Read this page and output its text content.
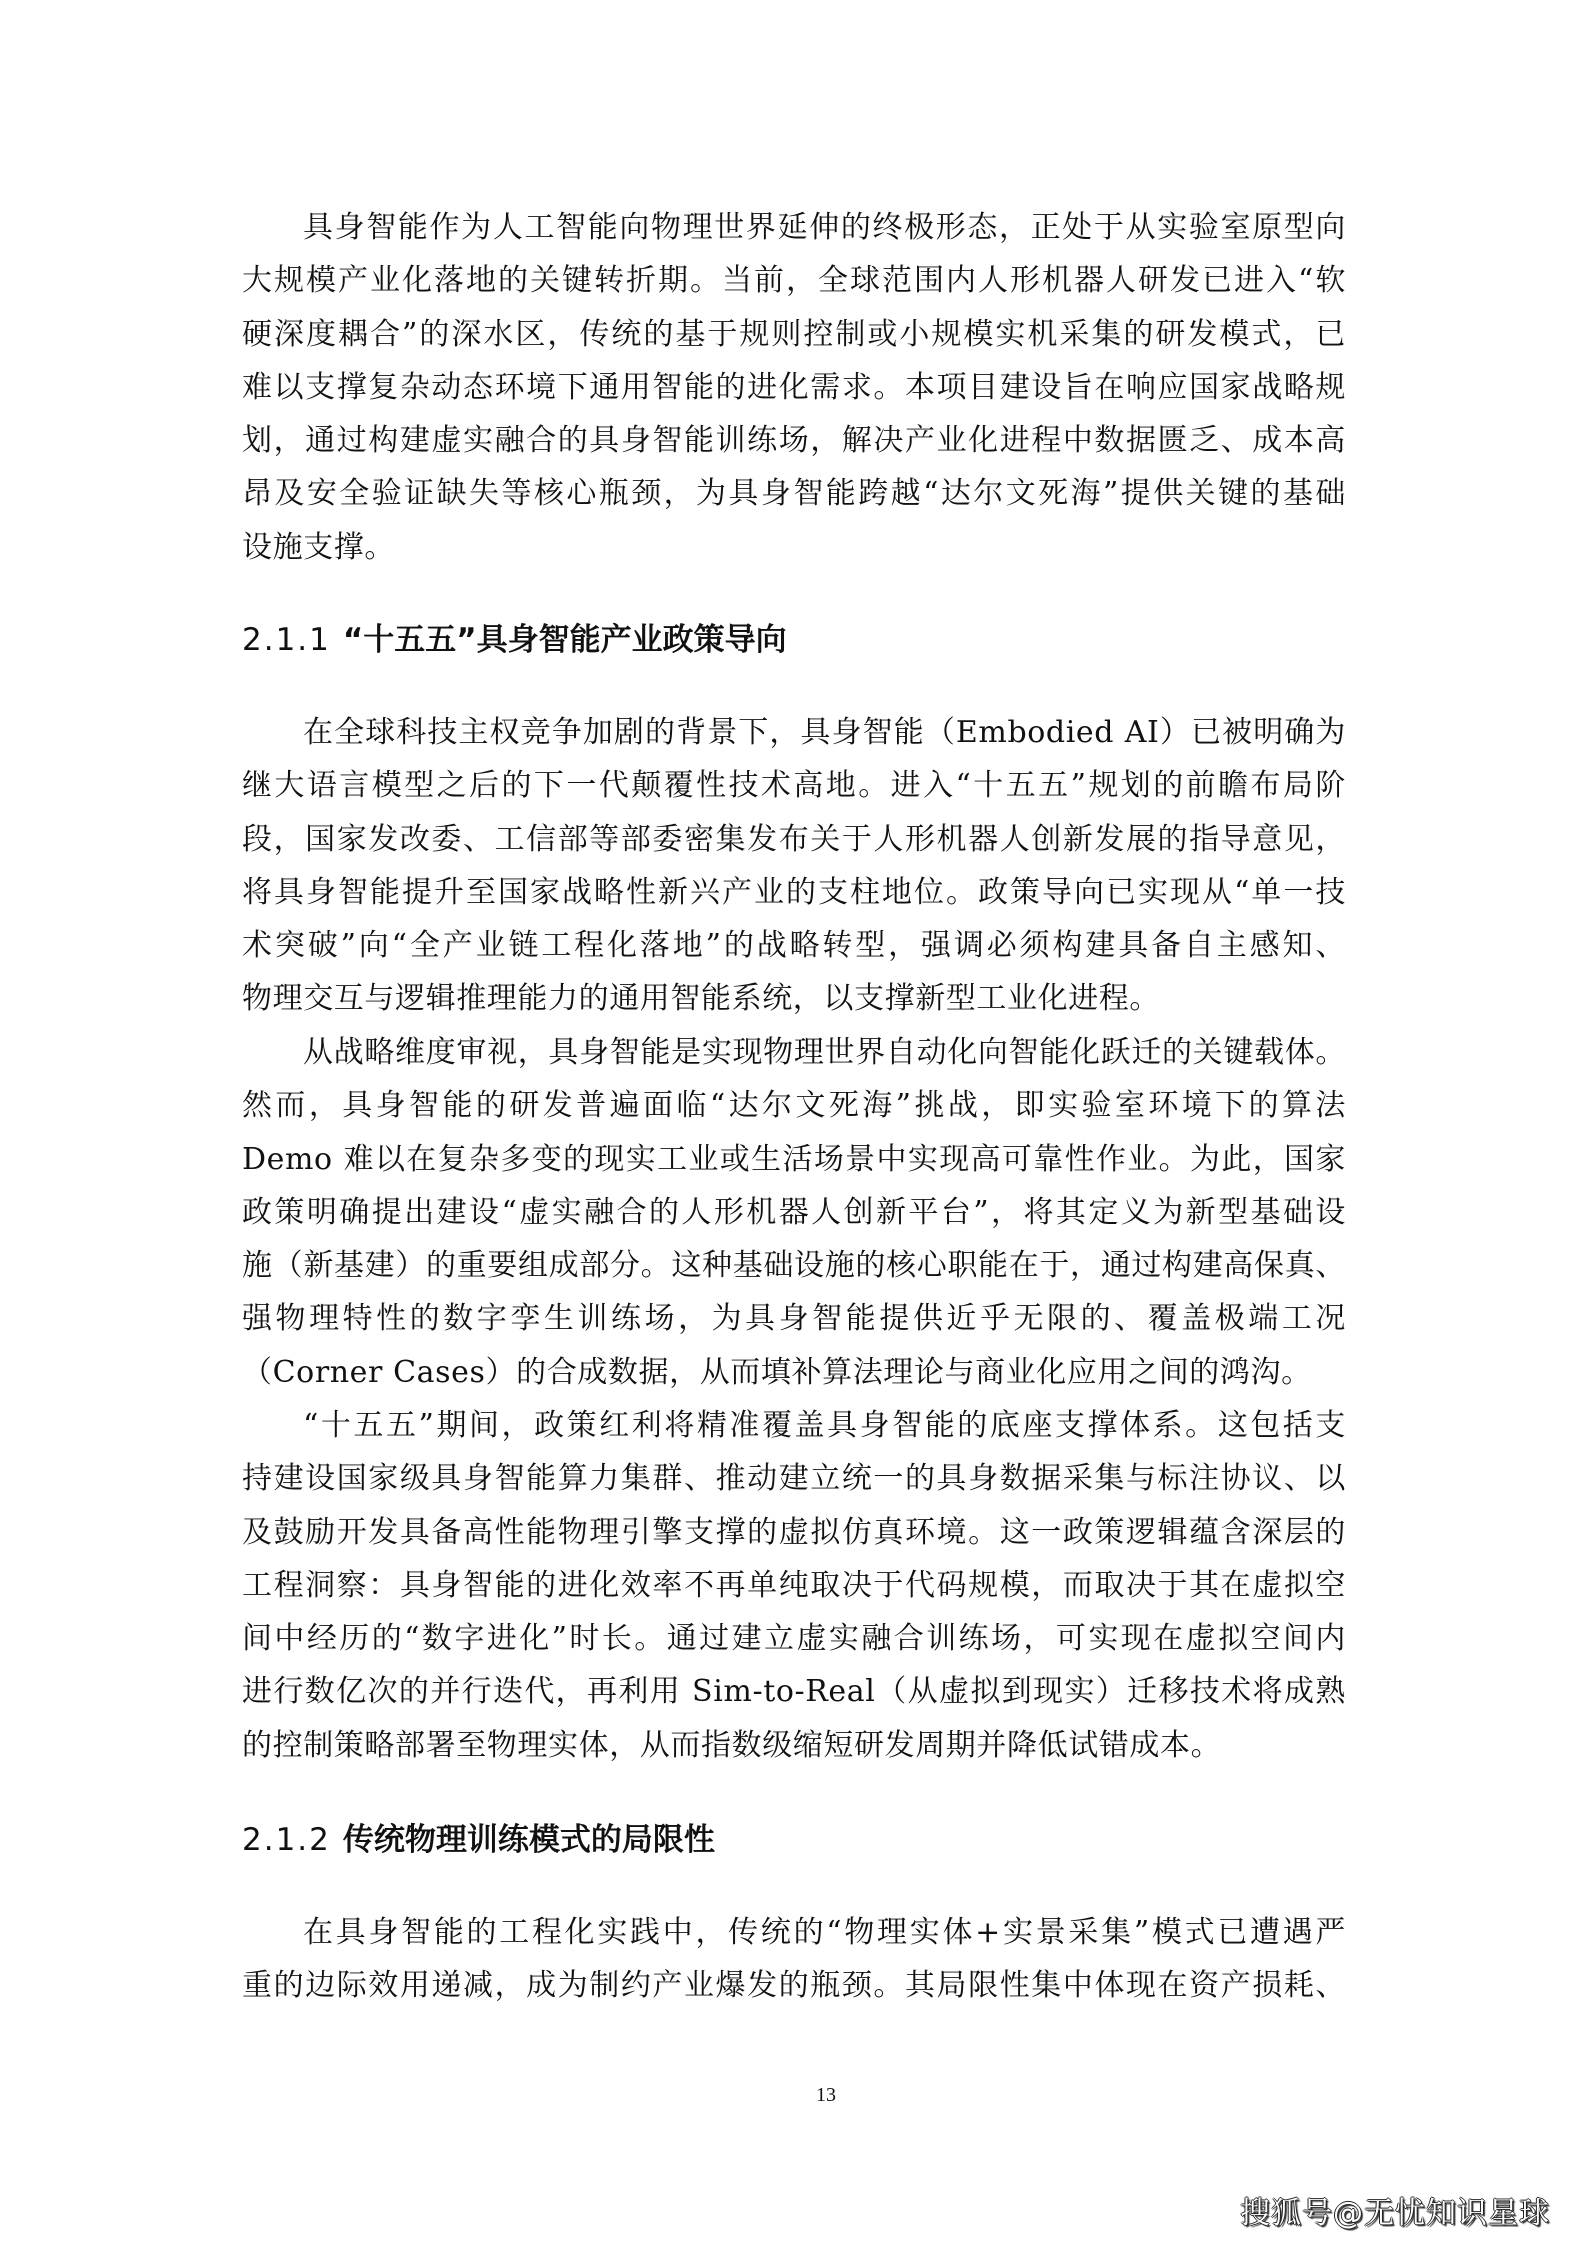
具身智能作为人工智能向物理世界延伸的终极形态，正处于从实验室原型向
大规模产业化落地的关键转折期。当前，全球范围内人形机器人研发已进入“软
硬深度耦合”的深水区，传统的基于规则控制或小规模实机采集的研发模式，已
难以支撑复杂动态环境下通用智能的进化需求。本项目建设旨在响应国家战略规
划，通过构建虚实融合的具身智能训练场，解决产业化进程中数据匮乏、成本高
昂及安全验证缺失等核心瓶颈，为具身智能跨越“达尔文死海”提供关键的基础
设施支撑。
2.1.1 “十五五”具身智能产业政策导向
在全球科技主权竞争加剧的背景下，具身智能（Embodied AI）已被明确为
继大语言模型之后的下一代颠覆性技术高地。进入“十五五”规划的前瞻布局阶
段，国家发改委、工信部等部委密集发布关于人形机器人创新发展的指导意见，
将具身智能提升至国家战略性新兴产业的支柱地位。政策导向已实现从“单一技
术突破”向“全产业链工程化落地”的战略转型，强调必须构建具备自主感知、
物理交互与逻辑推理能力的通用智能系统，以支撑新型工业化进程。
从战略维度审视，具身智能是实现物理世界自动化向智能化跃迁的关键载体。
然而，具身智能的研发普遍面临“达尔文死海”挑战，即实验室环境下的算法
Demo 难以在复杂多变的现实工业或生活场景中实现高可靠性作业。为此，国家
政策明确提出建设“虚实融合的人形机器人创新平台”，将其定义为新型基础设
施（新基建）的重要组成部分。这种基础设施的核心职能在于，通过构建高保真、
强物理特性的数字孪生训练场，为具身智能提供近乎无限的、覆盖极端工况
（Corner Cases）的合成数据，从而填补算法理论与商业化应用之间的鸿沟。
“十五五”期间，政策红利将精准覆盖具身智能的底座支撑体系。这包括支
持建设国家级具身智能算力集群、推动建立统一的具身数据采集与标注协议、以
及鼓励开发具备高性能物理引擎支撑的虚拟仿真环境。这一政策逻辑蕴含深层的
工程洞察：具身智能的进化效率不再单纯取决于代码规模，而取决于其在虚拟空
间中经历的“数字进化”时长。通过建立虚实融合训练场，可实现在虚拟空间内
进行数亿次的并行迭代，再利用 Sim-to-Real（从虚拟到现实）迁移技术将成熟
的控制策略部署至物理实体，从而指数级缩短研发周期并降低试错成本。
2.1.2 传统物理训练模式的局限性
在具身智能的工程化实践中，传统的“物理实体+实景采集”模式已遭遇严
重的边际效用递减，成为制约产业爆发的瓶颈。其局限性集中体现在资产损耗、
13
搜狐号@无忧知识星球
